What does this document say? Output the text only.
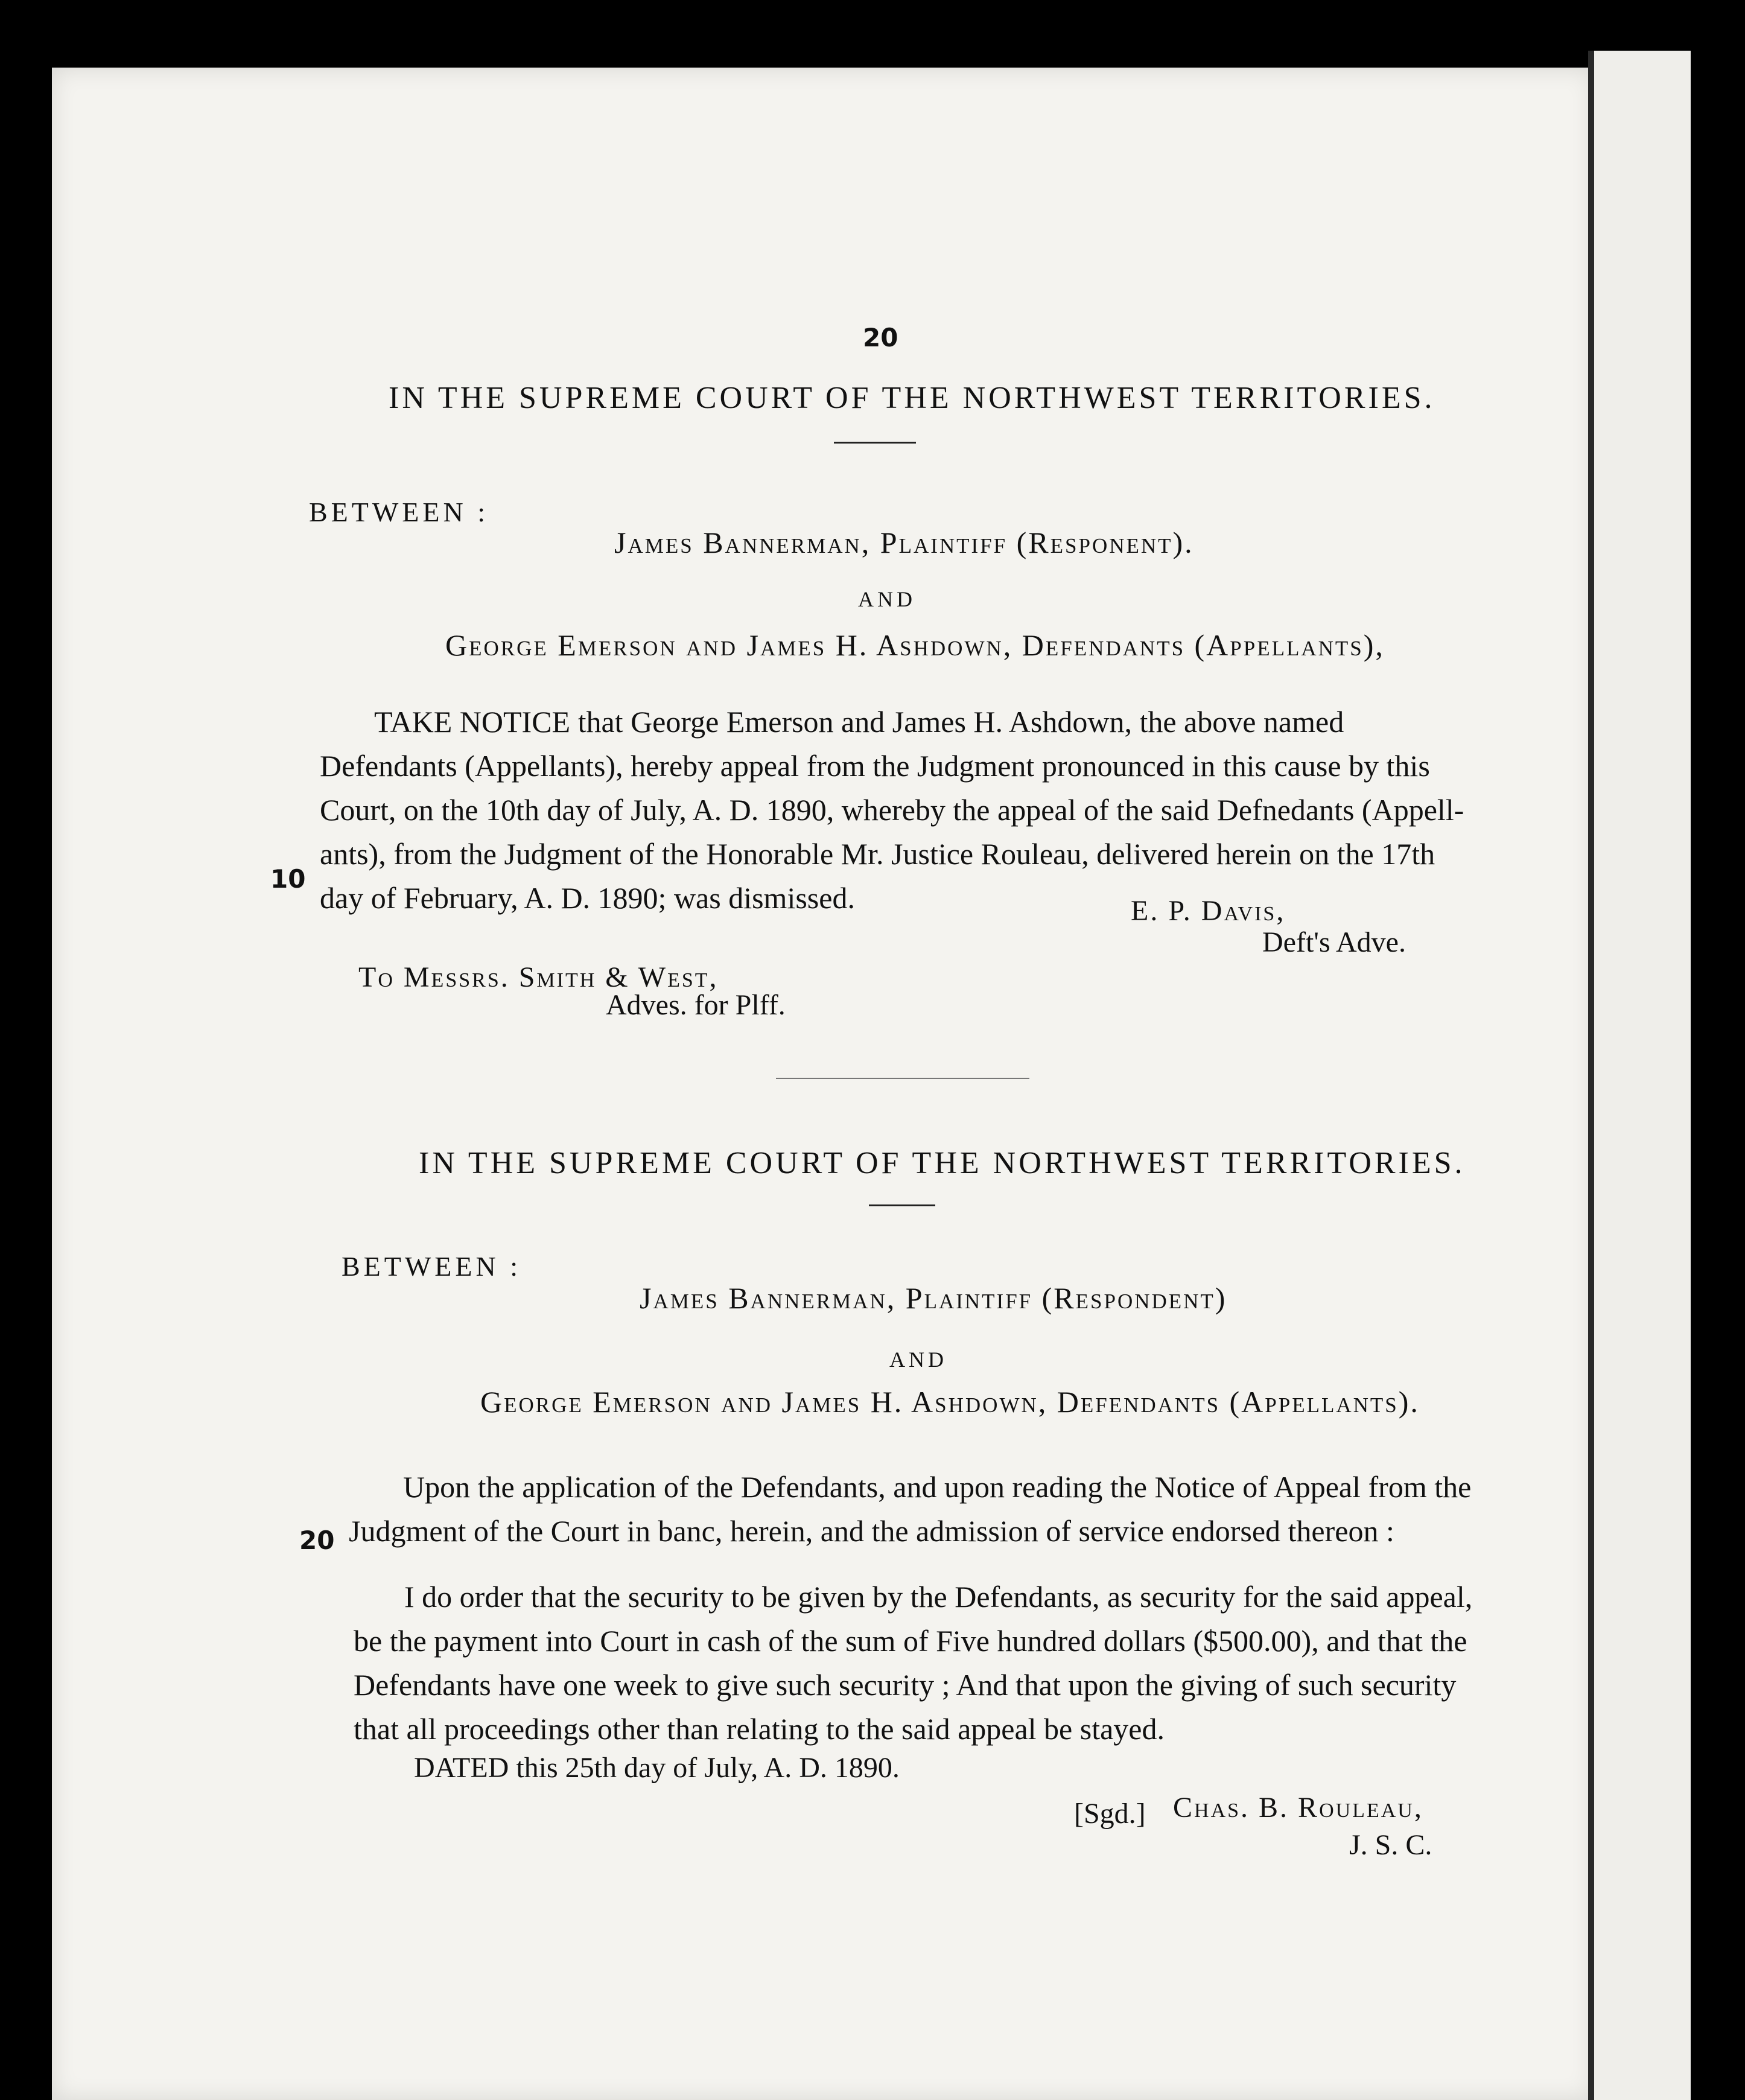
20
IN THE SUPREME COURT OF THE NORTHWEST TERRITORIES.
BETWEEN :
James Bannerman, Plaintiff (Responent).
AND
George Emerson and James H. Ashdown, Defendants (Appellants),
TAKE NOTICE that George Emerson and James H. Ashdown, the above named
Defendants (Appellants), hereby appeal from the Judgment pronounced in this cause by this
Court, on the 10th day of July, A. D. 1890, whereby the appeal of the said Defnedants (Appell-
ants), from the Judgment of the Honorable Mr. Justice Rouleau, delivered herein on the 17th
day of February, A. D. 1890; was dismissed.
10
E. P. Davis,
Deft's Adve.
To Messrs. Smith & West,
Adves. for Plff.
IN THE SUPREME COURT OF THE NORTHWEST TERRITORIES.
BETWEEN :
James Bannerman, Plaintiff (Respondent)
AND
George Emerson and James H. Ashdown, Defendants (Appellants).
Upon the application of the Defendants, and upon reading the Notice of Appeal from the
Judgment of the Court in banc, herein, and the admission of service endorsed thereon :
20
I do order that the security to be given by the Defendants, as security for the said appeal,
be the payment into Court in cash of the sum of Five hundred dollars ($500.00), and that the
Defendants have one week to give such security ; And that upon the giving of such security
that all proceedings other than relating to the said appeal be stayed.
DATED this 25th day of July, A. D. 1890.
[Sgd.] Chas. B. Rouleau,
J. S. C.
